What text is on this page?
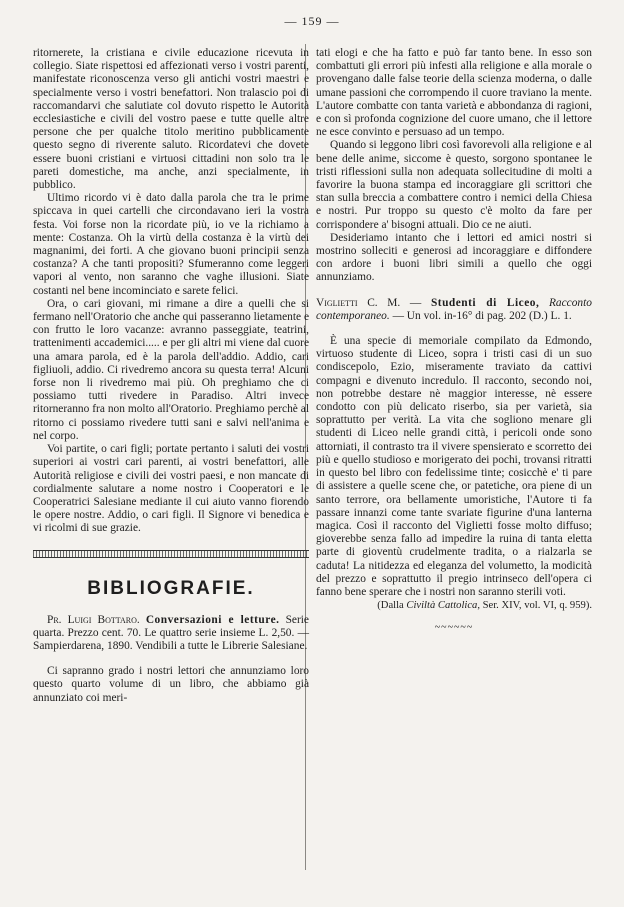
— 159 —

ritornerete, la cristiana e civile educazione ricevuta in collegio. Siate rispettosi ed affezionati verso i vostri parenti, manifestate riconoscenza verso gli antichi vostri maestri e specialmente verso i vostri benefattori. Non tralascio poi di raccomandarvi che salutiate col dovuto rispetto le Autorità ecclesiastiche e civili del vostro paese e tutte quelle altre persone che per qualche titolo meritino pubblicamente questo segno di riverente saluto. Ricordatevi che dovete essere buoni cristiani e virtuosi cittadini non solo tra le pareti domestiche, ma anche, anzi specialmente, in pubblico.

Ultimo ricordo vi è dato dalla parola che tra le prime spiccava in quei cartelli che circondavano ieri la vostra festa. Voi forse non la ricordate più, io ve la richiamo a mente: Costanza. Oh la virtù della costanza è la virtù dei magnanimi, dei forti. A che giovano buoni principii senza costanza? A che tanti propositi? Sfumeranno come leggeri vapori al vento, non saranno che vaghe illusioni. Siate costanti nel bene incominciato e sarete felici.

Ora, o cari giovani, mi rimane a dire a quelli che si fermano nell'Oratorio che anche qui passeranno lietamente e con frutto le loro vacanze: avranno passeggiate, teatrini, trattenimenti accademici..... e per gli altri mi viene dal cuore una amara parola, ed è la parola dell'addio. Addio, cari figliuoli, addio. Ci rivedremo ancora su questa terra! Alcuni forse non li rivedremo mai più. Oh preghiamo che ci possiamo tutti rivedere in Paradiso. Altri invece ritorneranno fra non molto all'Oratorio. Preghiamo perchè al ritorno ci possiamo rivedere tutti sani e salvi nell'anima e nel corpo.

Voi partite, o cari figli; portate pertanto i saluti dei vostri superiori ai vostri cari parenti, ai vostri benefattori, alle Autorità religiose e civili dei vostri paesi, e non mancate di cordialmente salutare a nome nostro i Cooperatori e le Cooperatrici Salesiane mediante il cui aiuto vanno fiorendo le opere nostre. Addio, o cari figli. Il Signore vi benedica e vi ricolmi di sue grazie.

BIBLIOGRAFIE.

Pr. Luigi Bottaro. Conversazioni e letture. Serie quarta. Prezzo cent. 70. Le quattro serie insieme L. 2,50. — Sampierdarena, 1890. Vendibili a tutte le Librerie Salesiane.

Ci sapranno grado i nostri lettori che annunziamo loro questo quarto volume di un libro, che abbiamo già annunziato coi meri-

tati elogi e che ha fatto e può far tanto bene. In esso son combattuti gli errori più infesti alla religione e alla morale o provengano dalle false teorie della scienza moderna, o dalle umane passioni che corrompendo il cuore traviano la mente. L'autore combatte con tanta varietà e abbondanza di ragioni, e con sì profonda cognizione del cuore umano, che il lettore ne esce convinto e persuaso ad un tempo.

Quando si leggono libri così favorevoli alla religione e al bene delle anime, siccome è questo, sorgono spontanee le tristi riflessioni sulla non adequata sollecitudine di molti a favorire la buona stampa ed incoraggiare gli scrittori che stan sulla breccia a combattere contro i nemici della Chiesa e nostri. Pur troppo su questo c'è molto da fare per corrispondere a' bisogni attuali. Dio ce ne aiuti.

Desideriamo intanto che i lettori ed amici nostri si mostrino solleciti e generosi ad incoraggiare e diffondere con ardore i buoni libri simili a quello che oggi annunziamo.

Viglietti C. M. — Studenti di Liceo, Racconto contemporaneo. — Un vol. in-16° di pag. 202 (D.) L. 1.

È una specie di memoriale compilato da Edmondo, virtuoso studente di Liceo, sopra i tristi casi di un suo condiscepolo, Ezio, miseramente traviato da cattivi compagni e divenuto incredulo. Il racconto, secondo noi, non potrebbe destare nè maggior interesse, nè essere condotto con più delicato riserbo, sia per varietà, sia soprattutto per verità. La vita che sogliono menare gli studenti di Liceo nelle grandi città, i pericoli onde sono attorniati, il contrasto tra il vivere spensierato e scorretto dei più e quello studioso e morigerato dei pochi, trovansi ritratti in questo bel libro con fedelissime tinte; cosicchè e' ti pare di assistere a quelle scene che, or patetiche, ora piene di un santo terrore, ora bellamente umoristiche, l'Autore ti fa passare innanzi come tante svariate figurine d'una lanterna magica. Così il racconto del Viglietti fosse molto diffuso; gioverebbe senza fallo ad impedire la ruina di tanta eletta parte di gioventù crudelmente tradita, o a rialzarla se caduta! La nitidezza ed eleganza del volumetto, la modicità del prezzo e soprattutto il pregio intrinseco dell'opera ci fanno bene sperare che i nostri non saranno sterili voti.

(Dalla Civiltà Cattolica, Ser. XIV, vol. VI, q. 959).

~~~~~~
